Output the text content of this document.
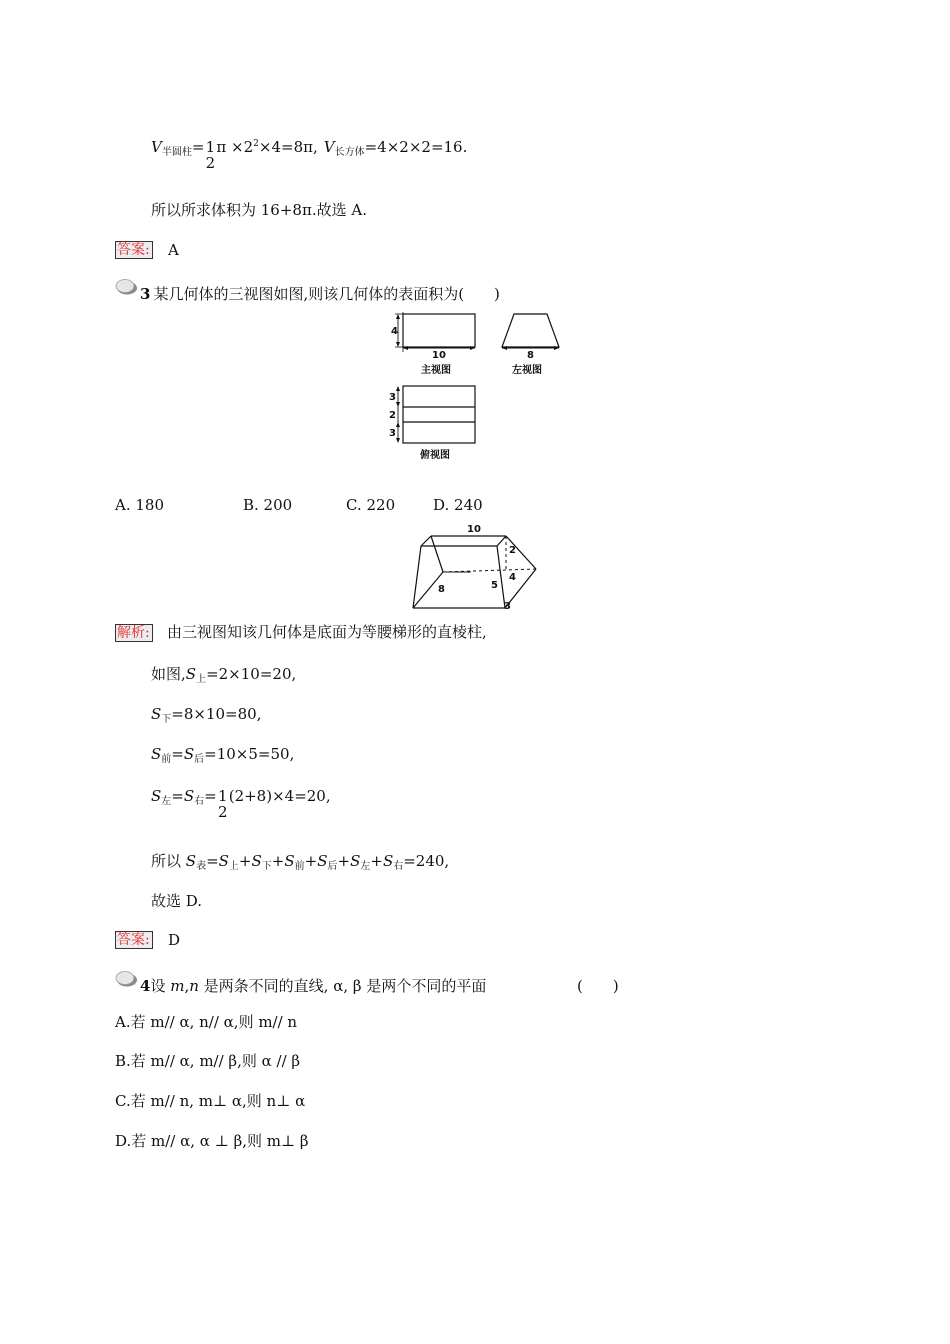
$V_{半圆柱}=1$
2
$\pi \times 2^2\times 4=8\pi$, $V_{长方体}=4\times 2\times 2=16$.
所以所求体积为 16+8π.故选 A.
答案: A
3 某几何体的三视图如图,则该几何体的表面积为(　　)
4
10
主视图
8
左视图
3
2
3
俯视图
A. 180	B. 200	C. 220	D. 240
10
2
4
5
8
3
解析: 由三视图知该几何体是底面为等腰梯形的直棱柱,
如图$,S_上=2\times 10=20$,
$S_下=8\times 10=80$,
$S_前=S_后=10\times 5=50$,
$S_左=S_右=1$
2
(2+8)×4=20,
所以 $S_表=S_上+S_下+S_前+S_后+S_左+S_右=240$,
故选 D.
答案: D
4设 m,n 是两条不同的直线, α, β 是两个不同的平面	(　　)
A.若 m// α, n// α,则 m// n
B.若 m// α, m// β,则 α // β
C.若 m// n, m⊥ α,则 n⊥ α
D.若 m// α, α ⊥ β,则 m⊥ β
